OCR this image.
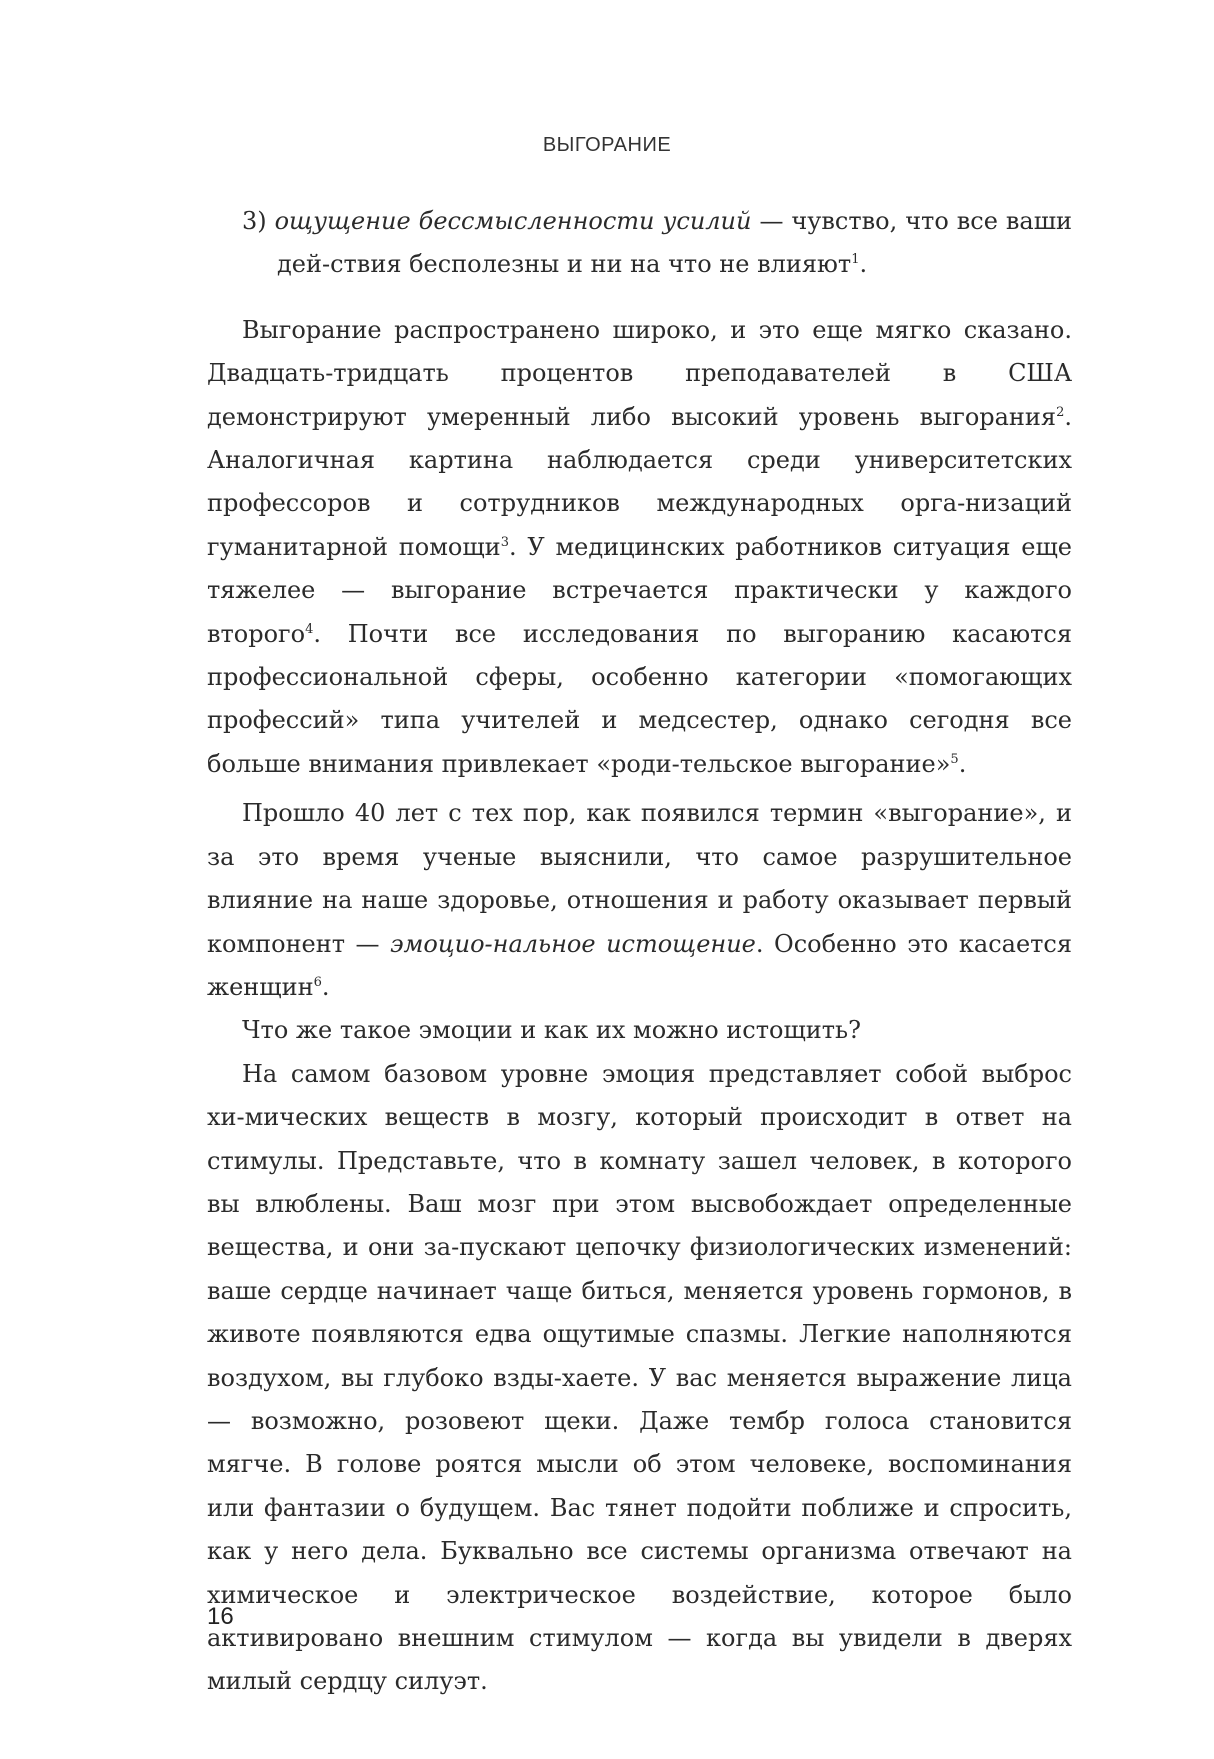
ВЫГОРАНИЕ

3) ощущение бессмысленности усилий — чувство, что все ваши дей-ствия бесполезны и ни на что не влияют$^1$.

Выгорание распространено широко, и это еще мягко сказано. Двадцать-тридцать процентов преподавателей в США демонстрируют умеренный либо высокий уровень выгорания$^2$. Аналогичная картина наблюдается среди университетских профессоров и сотрудников международных орга-низаций гуманитарной помощи$^3$. У медицинских работников ситуация еще тяжелее — выгорание встречается практически у каждого второго$^4$. Почти все исследования по выгоранию касаются профессиональной сферы, особенно категории «помогающих профессий» типа учителей и медсестер, однако сегодня все больше внимания привлекает «роди-тельское выгорание»$^5$.

Прошло 40 лет с тех пор, как появился термин «выгорание», и за это время ученые выяснили, что самое разрушительное влияние на наше здоровье, отношения и работу оказывает первый компонент — эмоцио-нальное истощение. Особенно это касается женщин$^6$.

Что же такое эмоции и как их можно истощить?

На самом базовом уровне эмоция представляет собой выброс хи-мических веществ в мозгу, который происходит в ответ на стимулы. Представьте, что в комнату зашел человек, в которого вы влюблены. Ваш мозг при этом высвобождает определенные вещества, и они за-пускают цепочку физиологических изменений: ваше сердце начинает чаще биться, меняется уровень гормонов, в животе появляются едва ощутимые спазмы. Легкие наполняются воздухом, вы глубоко взды-хаете. У вас меняется выражение лица — возможно, розовеют щеки. Даже тембр голоса становится мягче. В голове роятся мысли об этом человеке, воспоминания или фантазии о будущем. Вас тянет подойти поближе и спросить, как у него дела. Буквально все системы организма отвечают на химическое и электрическое воздействие, которое было активировано внешним стимулом — когда вы увидели в дверях милый сердцу силуэт.

16
